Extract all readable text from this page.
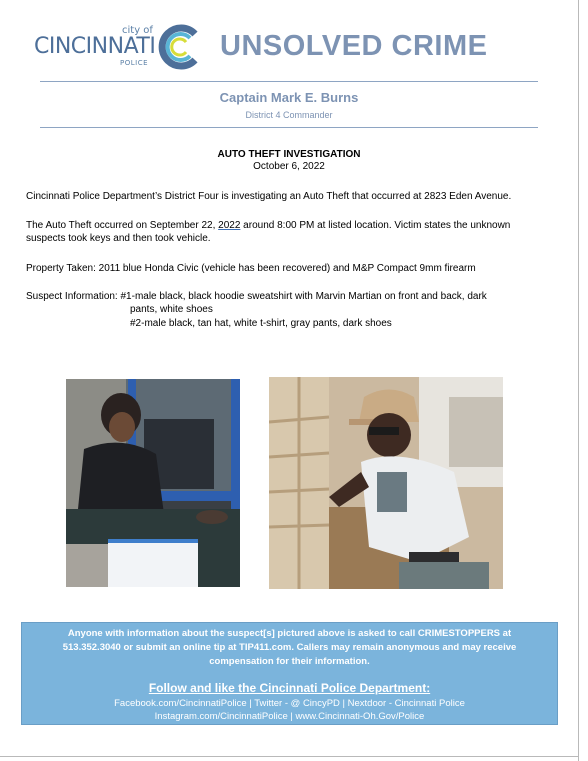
city of
CINCINNATI
POLICE
UNSOLVED CRIME
Captain Mark E. Burns
District 4 Commander
AUTO THEFT INVESTIGATION
October 6, 2022
Cincinnati Police Department’s District Four is investigating an Auto Theft that occurred at 2823 Eden Avenue.
The Auto Theft occurred on September 22, 2022 around 8:00 PM at listed location. Victim states the unknown
suspects took keys and then took vehicle.
Property Taken: 2011 blue Honda Civic (vehicle has been recovered) and M&P Compact 9mm firearm
Suspect Information: #1-male black, black hoodie sweatshirt with Marvin Martian on front and back, dark
pants, white shoes
#2-male black, tan hat, white t-shirt, gray pants, dark shoes
Anyone with information about the suspect[s] pictured above is asked to call CRIMESTOPPERS at
513.352.3040 or submit an online tip at TIP411.com. Callers may remain anonymous and may receive
compensation for their information.
Follow and like the Cincinnati Police Department:
Facebook.com/CincinnatiPolice | Twitter - @ CincyPD | Nextdoor - Cincinnati Police
Instagram.com/CincinnatiPolice | www.Cincinnati-Oh.Gov/Police
